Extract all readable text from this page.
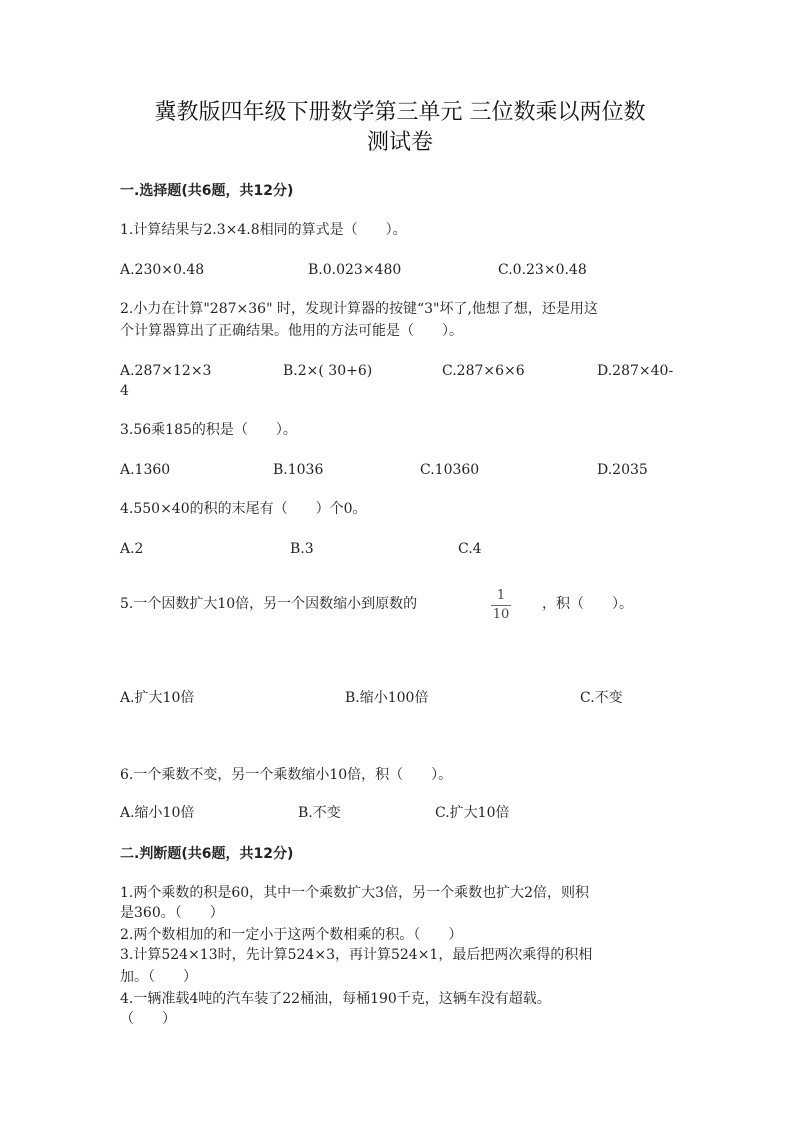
冀教版四年级下册数学第三单元 三位数乘以两位数
测试卷
一.选择题(共6题，共12分)
1.计算结果与2.3×4.8相同的算式是（　　）。
A.230×0.48	B.0.023×480	C.0.23×0.48
2.小力在计算"287×36" 时，发现计算器的按键“3"坏了,他想了想，还是用这
个计算器算出了正确结果。他用的方法可能是（　　）。
A.287×12×3	B.2×( 30+6)	C.287×6×6	D.287×40-
4
3.56乘185的积是（　　）。
A.1360	B.1036	C.10360	D.2035
4.550×40的积的末尾有（　　）个0。
A.2	B.3	C.4
5.一个因数扩大10倍，另一个因数缩小到原数的
1
10
，积（　　）。
A.扩大10倍	B.缩小100倍	C.不变
6.一个乘数不变，另一个乘数缩小10倍，积（　　）。
A.缩小10倍	B.不变	C.扩大10倍
二.判断题(共6题，共12分)
1.两个乘数的积是60，其中一个乘数扩大3倍，另一个乘数也扩大2倍，则积
是360。（　　）
2.两个数相加的和一定小于这两个数相乘的积。（　　）
3.计算524×13时，先计算524×3，再计算524×1，最后把两次乘得的积相
加。（　　）
4.一辆准载4吨的汽车装了22桶油，每桶190千克，这辆车没有超载。
（　　）
